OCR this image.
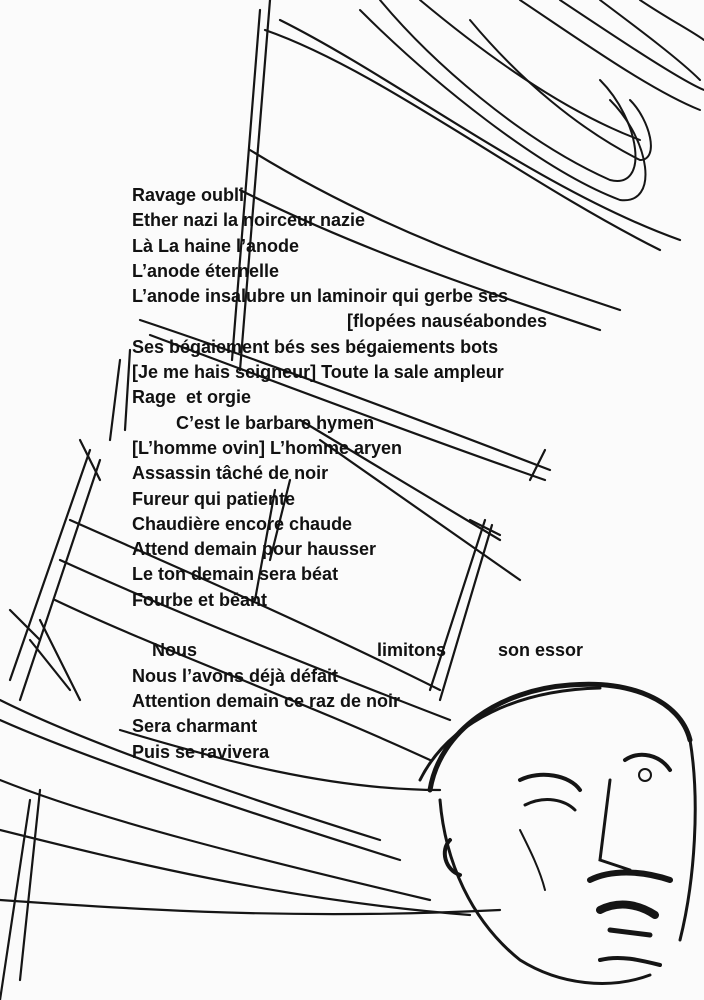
Ravage oubli
Ether nazi la noirceur nazie
Là La haine l’anode
L’anode éternelle
L’anode insalubre un laminoir qui gerbe ses
[flopées nauséabondes
Ses bégaiement bés ses bégaiements bots
[Je me hais seigneur] Toute la sale ampleur
Rage  et orgie
C’est le barbare hymen
[L’homme ovin] L’homme aryen
Assassin tâché de noir
Fureur qui patiente
Chaudière encore chaude
Attend demain pour hausser
Le ton demain sera béat
Fourbe et béant

Nous	limitons	son essor

Nous l’avons déjà défait
Attention demain ce raz de noir
Sera charmant
Puis se ravivera
